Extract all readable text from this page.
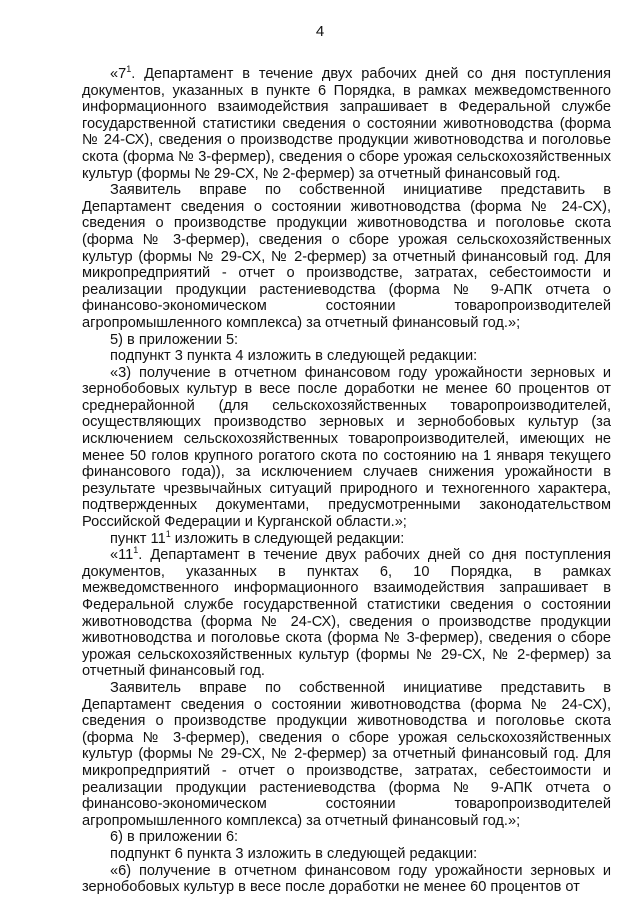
4

«$7^1$. Департамент в течение двух рабочих дней со дня поступления документов, указанных в пункте 6 Порядка, в рамках межведомственного информационного взаимодействия запрашивает в Федеральной службе государственной статистики сведения о состоянии животноводства (форма № 24-СХ), сведения о производстве продукции животноводства и поголовье скота (форма № 3-фермер), сведения о сборе урожая сельскохозяйственных культур (формы № 29-СХ, № 2-фермер) за отчетный финансовый год.

Заявитель вправе по собственной инициативе представить в Департамент сведения о состоянии животноводства (форма № 24-СХ), сведения о производстве продукции животноводства и поголовье скота (форма № 3-фермер), сведения о сборе урожая сельскохозяйственных культур (формы № 29-СХ, № 2-фермер) за отчетный финансовый год. Для микропредприятий - отчет о производстве, затратах, себестоимости и реализации продукции растениеводства (форма № 9-АПК отчета о финансово-экономическом состоянии товаропроизводителей агропромышленного комплекса) за отчетный финансовый год.»;

5) в приложении 5:

подпункт 3 пункта 4 изложить в следующей редакции:

«3) получение в отчетном финансовом году урожайности зерновых и зернобобовых культур в весе после доработки не менее 60 процентов от среднерайонной (для сельскохозяйственных товаропроизводителей, осуществляющих производство зерновых и зернобобовых культур (за исключением сельскохозяйственных товаропроизводителей, имеющих не менее 50 голов крупного рогатого скота по состоянию на 1 января текущего финансового года)), за исключением случаев снижения урожайности в результате чрезвычайных ситуаций природного и техногенного характера, подтвержденных документами, предусмотренными законодательством Российской Федерации и Курганской области.»;

пункт $11^1$ изложить в следующей редакции:

«$11^1$. Департамент в течение двух рабочих дней со дня поступления документов, указанных в пунктах 6, 10 Порядка, в рамках межведомственного информационного взаимодействия запрашивает в Федеральной службе государственной статистики сведения о состоянии животноводства (форма № 24-СХ), сведения о производстве продукции животноводства и поголовье скота (форма № 3-фермер), сведения о сборе урожая сельскохозяйственных культур (формы № 29-СХ, № 2-фермер) за отчетный финансовый год.

Заявитель вправе по собственной инициативе представить в Департамент сведения о состоянии животноводства (форма № 24-СХ), сведения о производстве продукции животноводства и поголовье скота (форма № 3-фермер), сведения о сборе урожая сельскохозяйственных культур (формы № 29-СХ, № 2-фермер) за отчетный финансовый год. Для микропредприятий - отчет о производстве, затратах, себестоимости и реализации продукции растениеводства (форма № 9-АПК отчета о финансово-экономическом состоянии товаропроизводителей агропромышленного комплекса) за отчетный финансовый год.»;

6) в приложении 6:

подпункт 6 пункта 3 изложить в следующей редакции:

«6) получение в отчетном финансовом году урожайности зерновых и зернобобовых культур в весе после доработки не менее 60 процентов от
